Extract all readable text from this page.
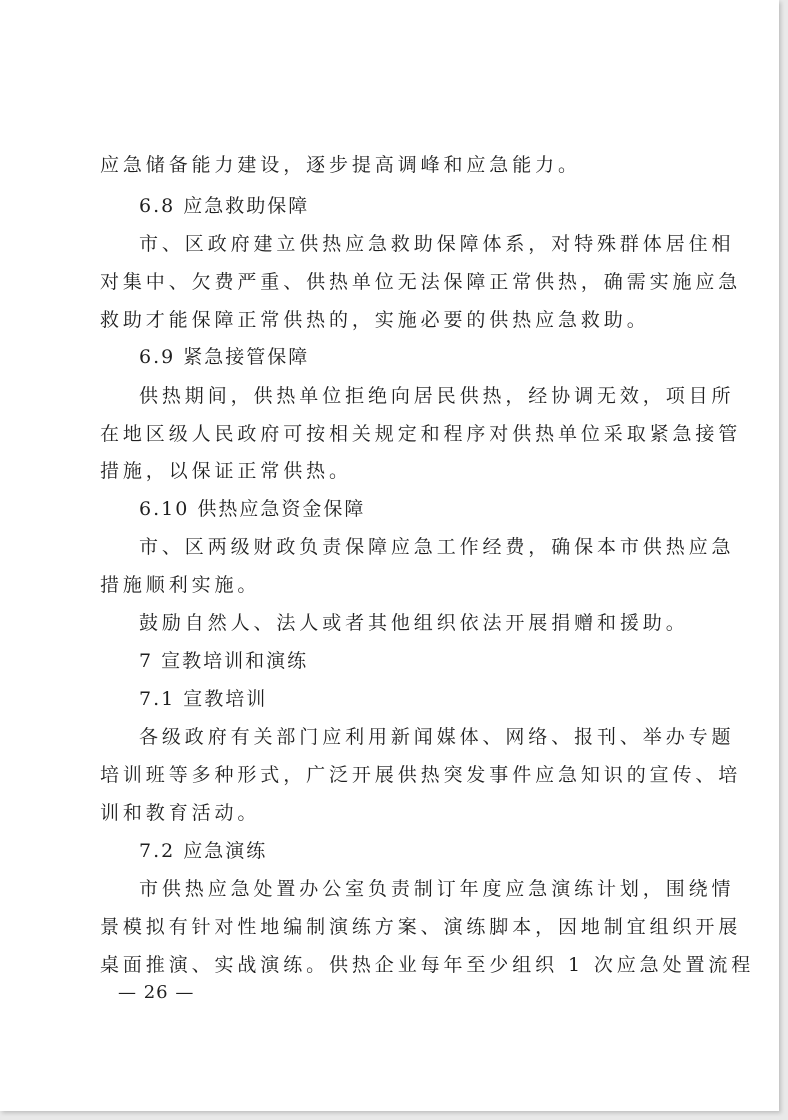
应急储备能力建设，逐步提高调峰和应急能力。
6.8 应急救助保障
市、区政府建立供热应急救助保障体系，对特殊群体居住相
对集中、欠费严重、供热单位无法保障正常供热，确需实施应急
救助才能保障正常供热的，实施必要的供热应急救助。
6.9 紧急接管保障
供热期间，供热单位拒绝向居民供热，经协调无效，项目所
在地区级人民政府可按相关规定和程序对供热单位采取紧急接管
措施，以保证正常供热。
6.10 供热应急资金保障
市、区两级财政负责保障应急工作经费，确保本市供热应急
措施顺利实施。
鼓励自然人、法人或者其他组织依法开展捐赠和援助。
7 宣教培训和演练
7.1 宣教培训
各级政府有关部门应利用新闻媒体、网络、报刊、举办专题
培训班等多种形式，广泛开展供热突发事件应急知识的宣传、培
训和教育活动。
7.2 应急演练
市供热应急处置办公室负责制订年度应急演练计划，围绕情
景模拟有针对性地编制演练方案、演练脚本，因地制宜组织开展
桌面推演、实战演练。供热企业每年至少组织 1 次应急处置流程
— 26 —
